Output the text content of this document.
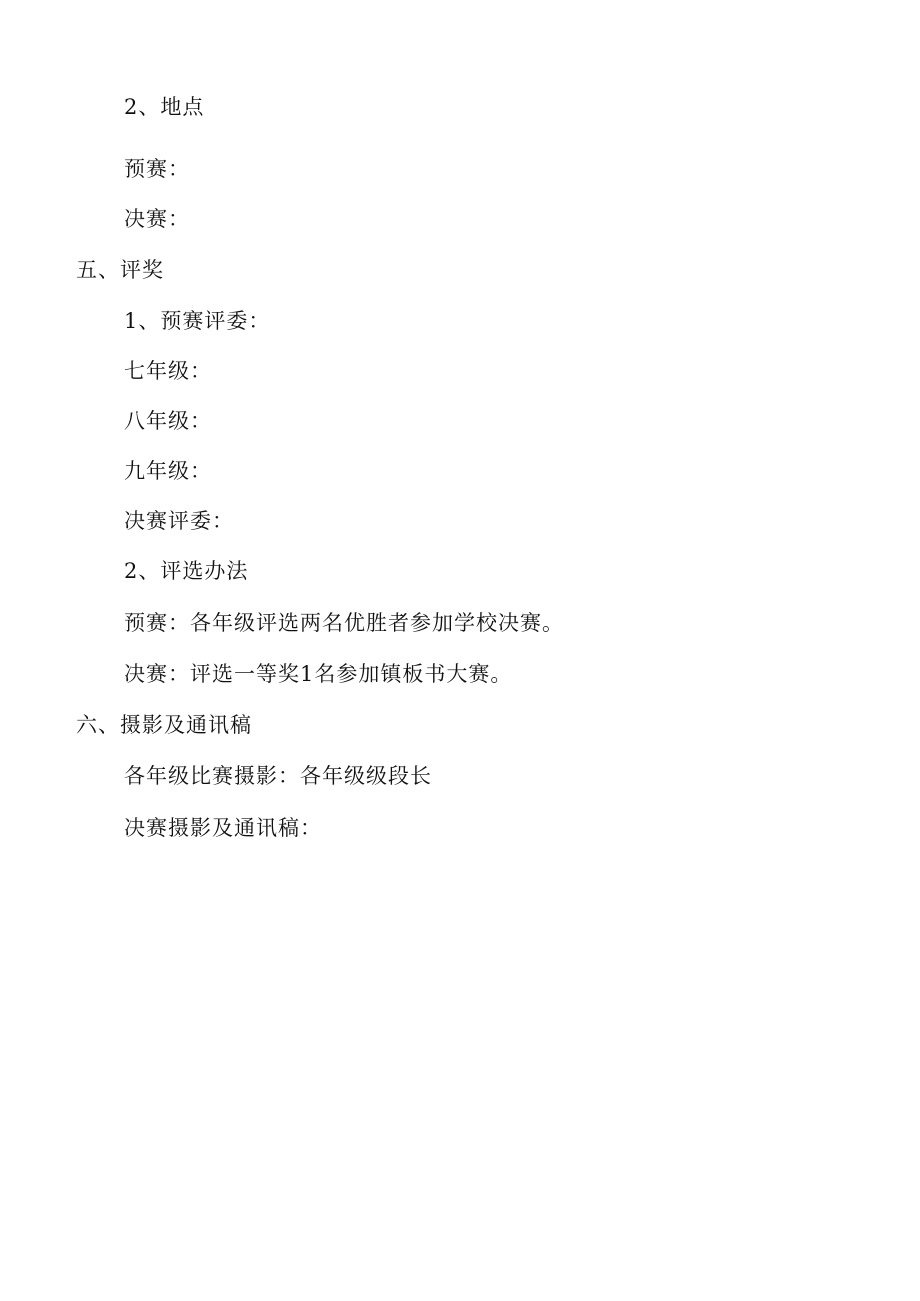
2、地点
预赛：
决赛：
五、评奖
1、预赛评委：
七年级：
八年级：
九年级：
决赛评委：
2、评选办法
预赛：各年级评选两名优胜者参加学校决赛。
决赛：评选一等奖1名参加镇板书大赛。
六、摄影及通讯稿
各年级比赛摄影：各年级级段长
决赛摄影及通讯稿：
